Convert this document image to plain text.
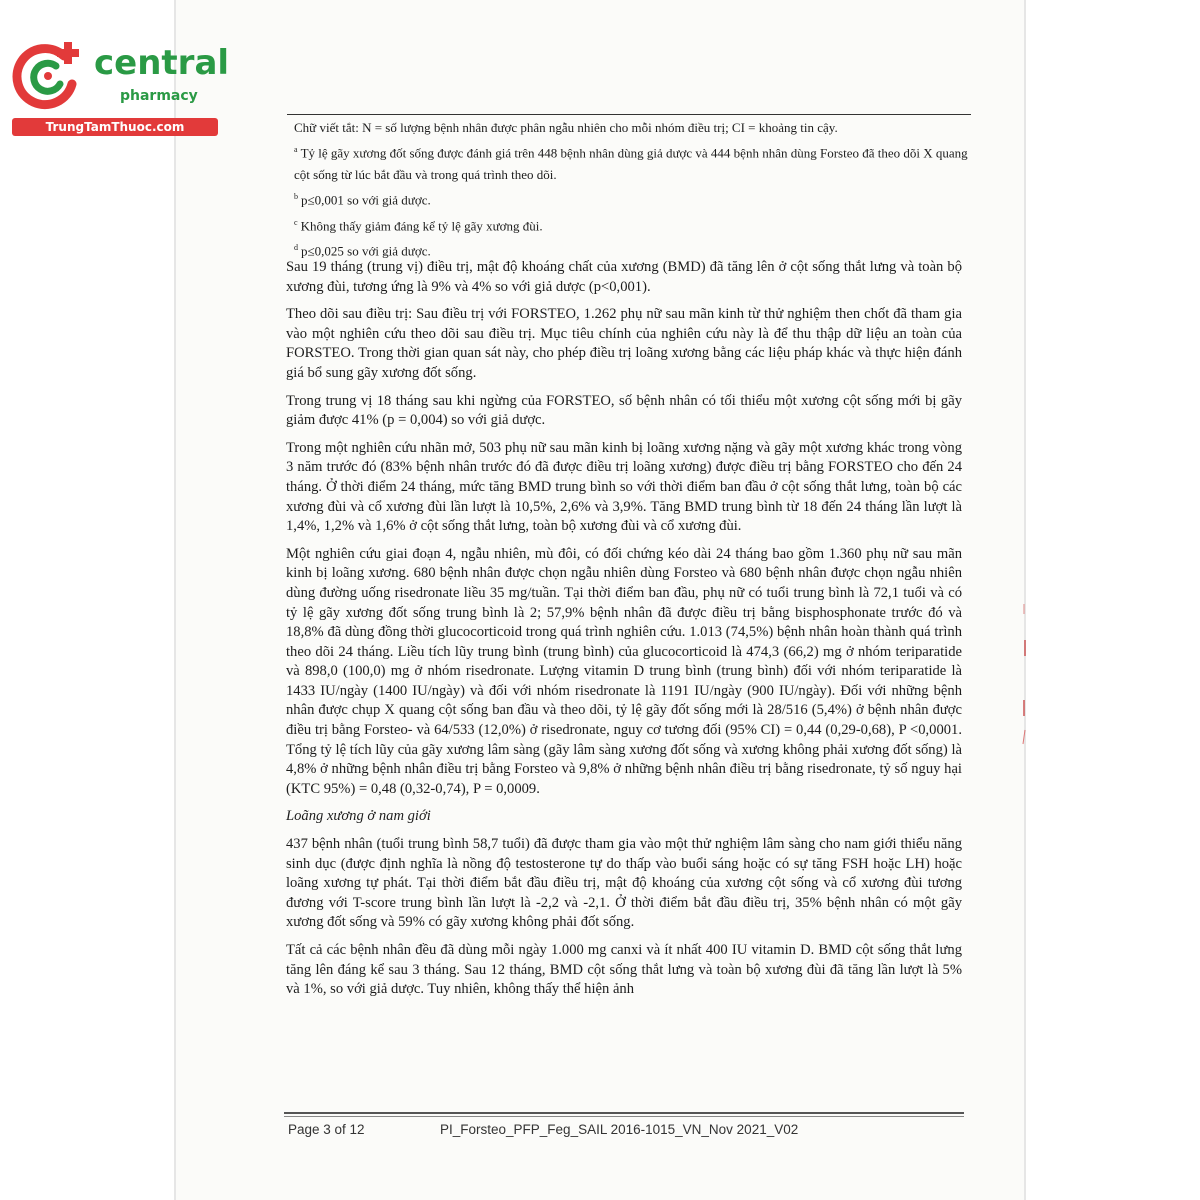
central
pharmacy
TrungTamThuoc.com	Chữ viết tắt: N = số lượng bệnh nhân được phân ngẫu nhiên cho mỗi nhóm điều trị; CI = khoảng tin cậy.

$^a$ Tỷ lệ gãy xương đốt sống được đánh giá trên 448 bệnh nhân dùng giả dược và 444 bệnh nhân dùng Forsteo đã theo dõi X quang cột sống từ lúc bắt đầu và trong quá trình theo dõi.

$^b$ p≤0,001 so với giả dược.

$^c$ Không thấy giảm đáng kể tỷ lệ gãy xương đùi.

$^d$ p≤0,025 so với giả dược.

Sau 19 tháng (trung vị) điều trị, mật độ khoáng chất của xương (BMD) đã tăng lên ở cột sống thắt lưng và toàn bộ xương đùi, tương ứng là 9% và 4% so với giả dược (p<0,001).

Theo dõi sau điều trị: Sau điều trị với FORSTEO, 1.262 phụ nữ sau mãn kinh từ thử nghiệm then chốt đã tham gia vào một nghiên cứu theo dõi sau điều trị. Mục tiêu chính của nghiên cứu này là để thu thập dữ liệu an toàn của FORSTEO. Trong thời gian quan sát này, cho phép điều trị loãng xương bằng các liệu pháp khác và thực hiện đánh giá bổ sung gãy xương đốt sống.

Trong trung vị 18 tháng sau khi ngừng của FORSTEO, số bệnh nhân có tối thiểu một xương cột sống mới bị gãy giảm được 41% (p = 0,004) so với giả dược.

Trong một nghiên cứu nhãn mở, 503 phụ nữ sau mãn kinh bị loãng xương nặng và gãy một xương khác trong vòng 3 năm trước đó (83% bệnh nhân trước đó đã được điều trị loãng xương) được điều trị bằng FORSTEO cho đến 24 tháng. Ở thời điểm 24 tháng, mức tăng BMD trung bình so với thời điểm ban đầu ở cột sống thắt lưng, toàn bộ các xương đùi và cổ xương đùi lần lượt là 10,5%, 2,6% và 3,9%. Tăng BMD trung bình từ 18 đến 24 tháng lần lượt là 1,4%, 1,2% và 1,6% ở cột sống thắt lưng, toàn bộ xương đùi và cổ xương đùi.

Một nghiên cứu giai đoạn 4, ngẫu nhiên, mù đôi, có đối chứng kéo dài 24 tháng bao gồm 1.360 phụ nữ sau mãn kinh bị loãng xương. 680 bệnh nhân được chọn ngẫu nhiên dùng Forsteo và 680 bệnh nhân được chọn ngẫu nhiên dùng đường uống risedronate liều 35 mg/tuần. Tại thời điểm ban đầu, phụ nữ có tuổi trung bình là 72,1 tuổi và có tỷ lệ gãy xương đốt sống trung bình là 2; 57,9% bệnh nhân đã được điều trị bằng bisphosphonate trước đó và 18,8% đã dùng đồng thời glucocorticoid trong quá trình nghiên cứu. 1.013 (74,5%) bệnh nhân hoàn thành quá trình theo dõi 24 tháng. Liều tích lũy trung bình (trung bình) của glucocorticoid là 474,3 (66,2) mg ở nhóm teriparatide và 898,0 (100,0) mg ở nhóm risedronate. Lượng vitamin D trung bình (trung bình) đối với nhóm teriparatide là 1433 IU/ngày (1400 IU/ngày) và đối với nhóm risedronate là 1191 IU/ngày (900 IU/ngày). Đối với những bệnh nhân được chụp X quang cột sống ban đầu và theo dõi, tỷ lệ gãy đốt sống mới là 28/516 (5,4%) ở bệnh nhân được điều trị bằng Forsteo- và 64/533 (12,0%) ở risedronate, nguy cơ tương đối (95% CI) = 0,44 (0,29-0,68), P <0,0001. Tổng tỷ lệ tích lũy của gãy xương lâm sàng (gãy lâm sàng xương đốt sống và xương không phải xương đốt sống) là 4,8% ở những bệnh nhân điều trị bằng Forsteo và 9,8% ở những bệnh nhân điều trị bằng risedronate, tỷ số nguy hại (KTC 95%) = 0,48 (0,32-0,74), P = 0,0009.

Loãng xương ở nam giới

437 bệnh nhân (tuổi trung bình 58,7 tuổi) đã được tham gia vào một thử nghiệm lâm sàng cho nam giới thiểu năng sinh dục (được định nghĩa là nồng độ testosterone tự do thấp vào buổi sáng hoặc có sự tăng FSH hoặc LH) hoặc loãng xương tự phát. Tại thời điểm bắt đầu điều trị, mật độ khoáng của xương cột sống và cổ xương đùi tương đương với T-score trung bình lần lượt là -2,2 và -2,1. Ở thời điểm bắt đầu điều trị, 35% bệnh nhân có một gãy xương đốt sống và 59% có gãy xương không phải đốt sống.

Tất cả các bệnh nhân đều đã dùng mỗi ngày 1.000 mg canxi và ít nhất 400 IU vitamin D. BMD cột sống thắt lưng tăng lên đáng kể sau 3 tháng. Sau 12 tháng, BMD cột sống thắt lưng và toàn bộ xương đùi đã tăng lần lượt là 5% và 1%, so với giả dược. Tuy nhiên, không thấy thể hiện ảnh

Page 3 of 12	PI_Forsteo_PFP_Feg_SAIL 2016-1015_VN_Nov 2021_V02
